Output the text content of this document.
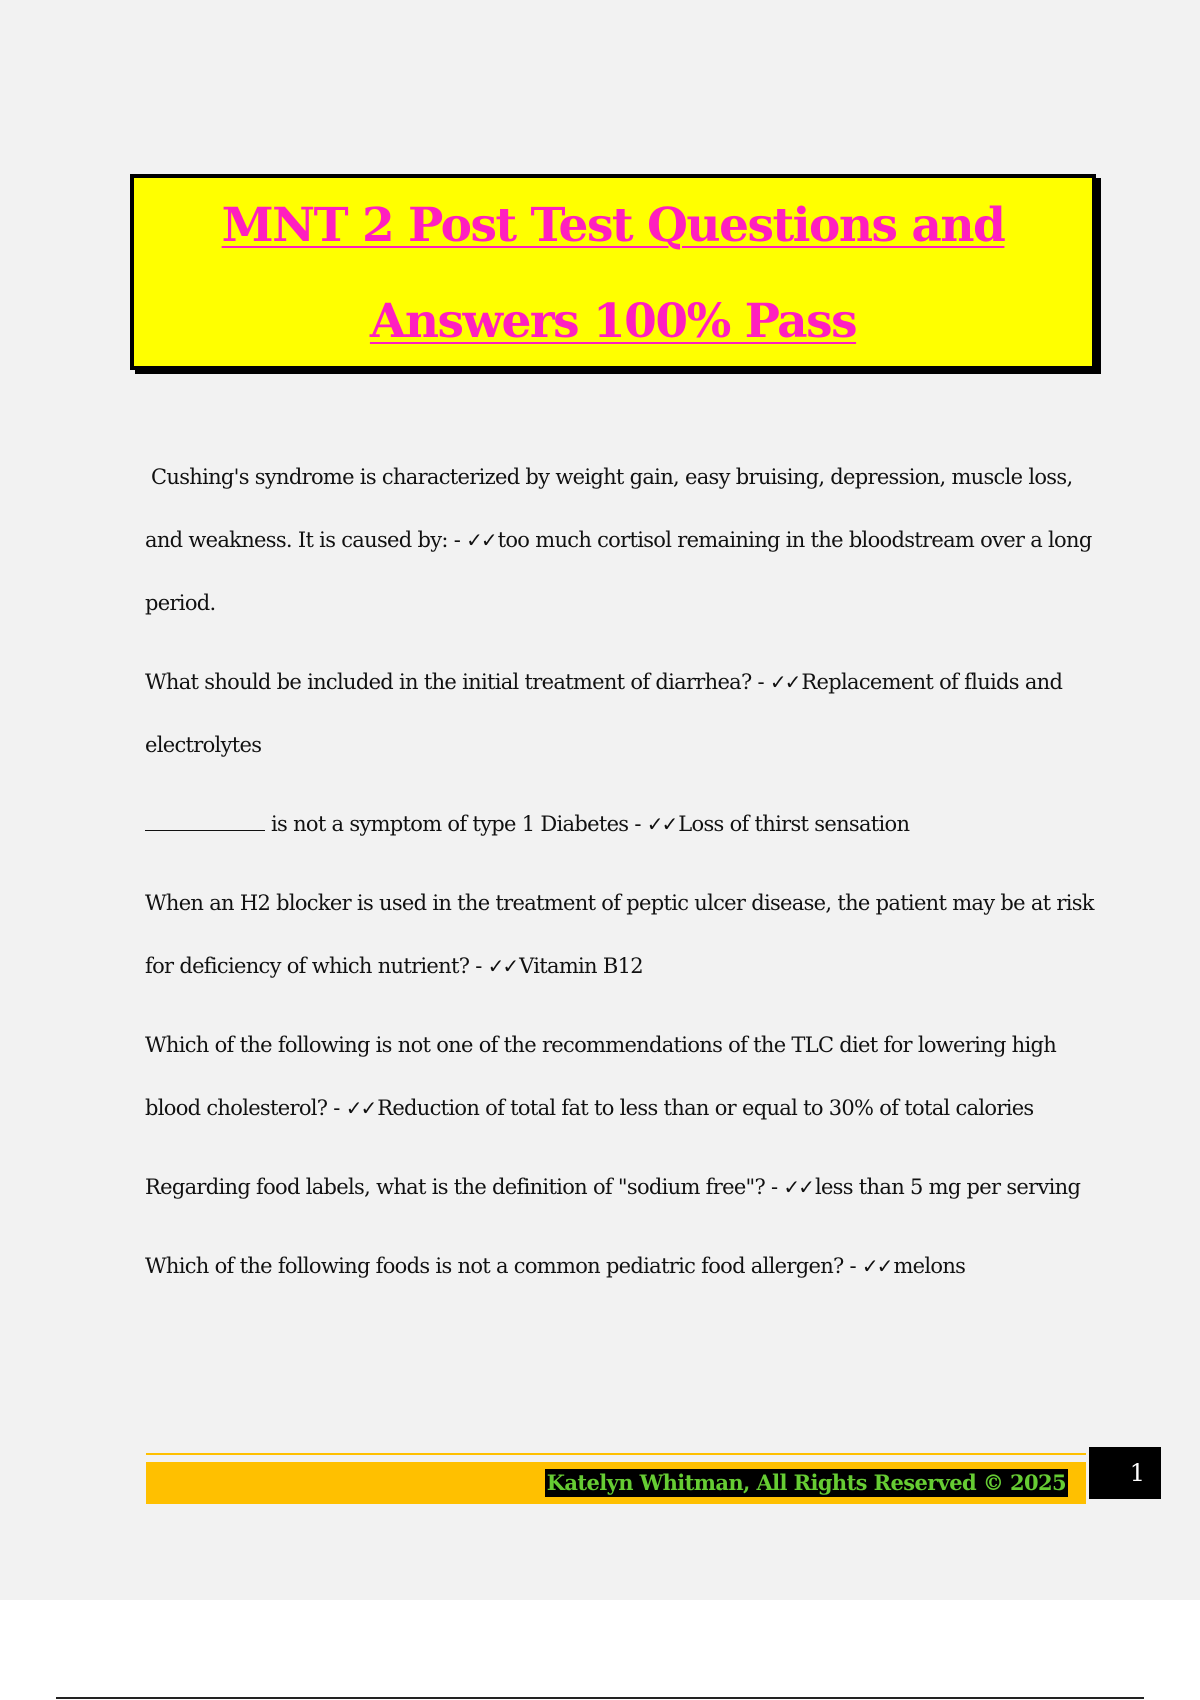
MNT 2 Post Test Questions and
Answers 100% Pass

Cushing's syndrome is characterized by weight gain, easy bruising, depression, muscle loss, and weakness. It is caused by: - ✓✓too much cortisol remaining in the bloodstream over a long period.

What should be included in the initial treatment of diarrhea? - ✓✓Replacement of fluids and electrolytes

is not a symptom of type 1 Diabetes - ✓✓Loss of thirst sensation

When an H2 blocker is used in the treatment of peptic ulcer disease, the patient may be at risk for deficiency of which nutrient? - ✓✓Vitamin B12

Which of the following is not one of the recommendations of the TLC diet for lowering high blood cholesterol? - ✓✓Reduction of total fat to less than or equal to 30% of total calories

Regarding food labels, what is the definition of "sodium free"? - ✓✓less than 5 mg per serving

Which of the following foods is not a common pediatric food allergen? - ✓✓melons

Katelyn Whitman, All Rights Reserved © 2025	1
